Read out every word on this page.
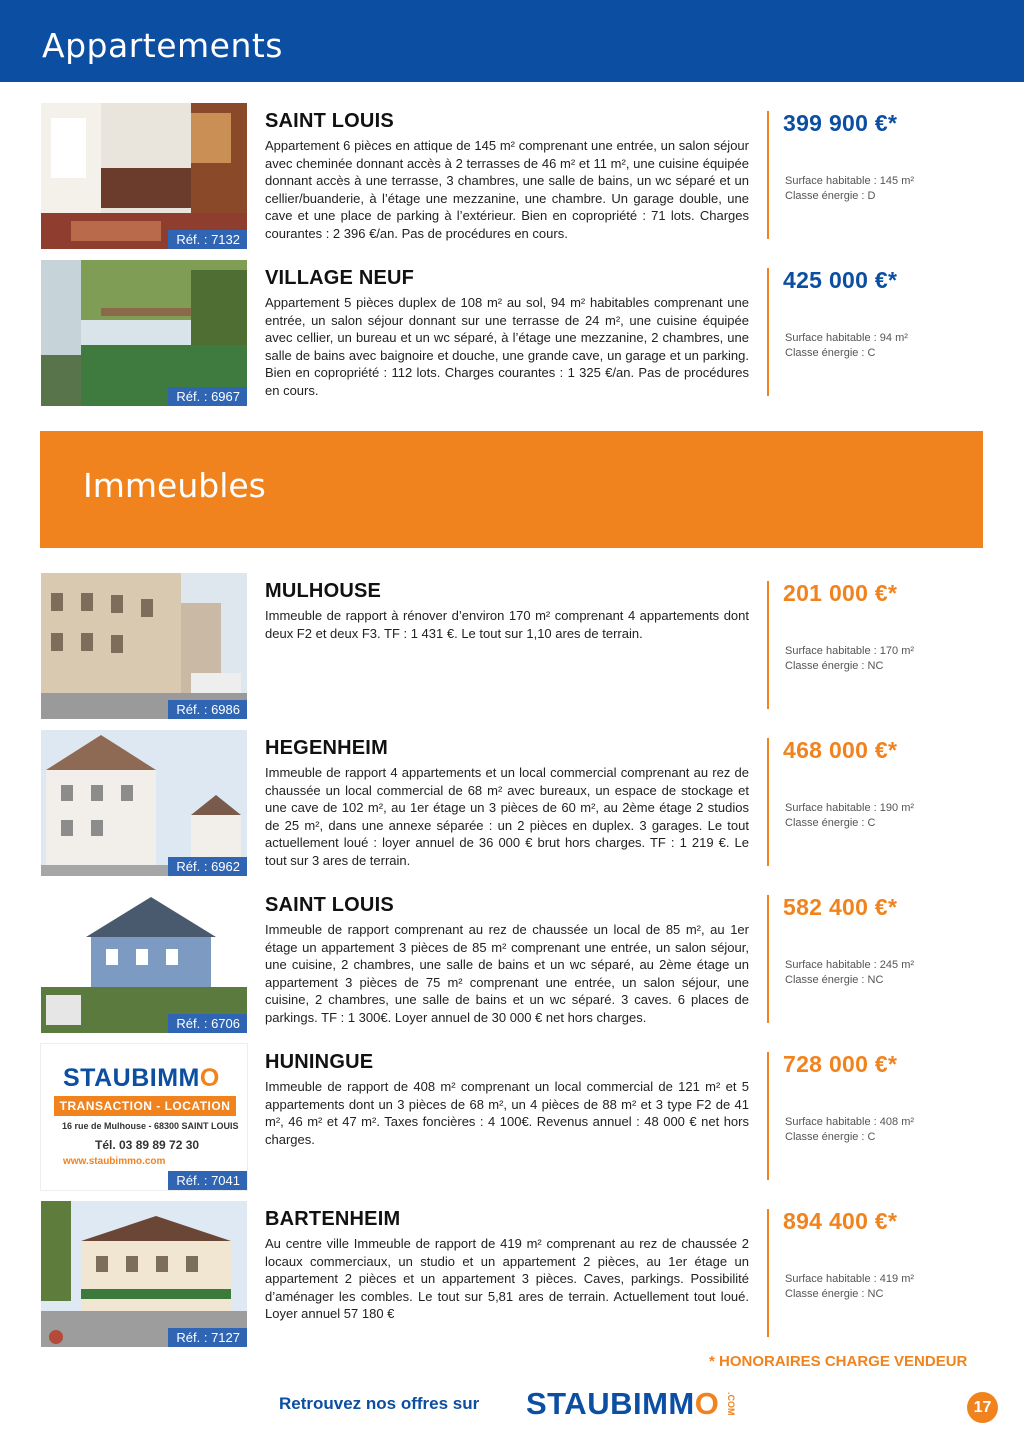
Appartements
Réf. : 7132
SAINT LOUIS

Appartement 6 pièces en attique de 145 m² comprenant une entrée, un salon séjour avec cheminée donnant accès à 2 terrasses de 46 m² et 11 m², une cuisine équipée donnant accès à une terrasse, 3 chambres, une salle de bains, un wc séparé et un cellier/buanderie, à l’étage une mezzanine, une chambre. Un garage double, une cave et une place de parking à l’extérieur. Bien en copropriété : 71 lots. Charges courantes : 2 396 €/an. Pas de procédures en cours.

399 900 €*
Surface habitable : 145 m²
Classe énergie : D
Réf. : 6967
VILLAGE NEUF

Appartement 5 pièces duplex de 108 m² au sol, 94 m² habitables comprenant une entrée, un salon séjour donnant sur une terrasse de 24 m², une cuisine équipée avec cellier, un bureau et un wc séparé, à l’étage une mezzanine, 2 chambres, une salle de bains avec baignoire et douche, une grande cave, un garage et un parking. Bien en copropriété : 112 lots. Charges courantes : 1 325 €/an. Pas de procédures en cours.

425 000 €*
Surface habitable : 94 m²
Classe énergie : C
Immeubles
Réf. : 6986
MULHOUSE

Immeuble de rapport à rénover d’environ 170 m² comprenant 4 appartements dont deux F2 et deux F3. TF : 1 431 €. Le tout sur 1,10 ares de terrain.

201 000 €*
Surface habitable : 170 m²
Classe énergie : NC
Réf. : 6962
HEGENHEIM

Immeuble de rapport 4 appartements et un local commercial comprenant au rez de chaussée un local commercial de 68 m² avec bureaux, un espace de stockage et une cave de 102 m², au 1er étage un 3 pièces de 60 m², au 2ème étage 2 studios de 25 m², dans une annexe séparée : un 2 pièces en duplex. 3 garages. Le tout actuellement loué : loyer annuel de 36 000 € brut hors charges. TF : 1 219 €. Le tout sur 3 ares de terrain.

468 000 €*
Surface habitable : 190 m²
Classe énergie : C
Réf. : 6706
SAINT LOUIS

Immeuble de rapport comprenant au rez de chaussée un local de 85 m², au 1er étage un appartement 3 pièces de 85 m² comprenant une entrée, un salon séjour, une cuisine, 2 chambres, une salle de bains et un wc séparé, au 2ème étage un appartement 3 pièces de 75 m² comprenant une entrée, un salon séjour, une cuisine, 2 chambres, une salle de bains et un wc séparé. 3 caves. 6 places de parkings. TF : 1 300€. Loyer annuel de 30 000 € net hors charges.

582 400 €*
Surface habitable : 245 m²
Classe énergie : NC
STAUBIMMO
TRANSACTION - LOCATION
16 rue de Mulhouse - 68300 SAINT LOUIS
Tél. 03 89 89 72 30
www.staubimmo.com
Réf. : 7041
HUNINGUE

Immeuble de rapport de 408 m² comprenant un local commercial de 121 m² et 5 appartements dont un 3 pièces de 68 m², un 4 pièces de 88 m² et 3 type F2 de 41 m², 46 m² et 47 m². Taxes foncières : 4 100€. Revenus annuel : 48 000 € net hors charges.

728 000 €*
Surface habitable : 408 m²
Classe énergie : C
Réf. : 7127
BARTENHEIM

Au centre ville Immeuble de rapport de 419 m² comprenant au rez de chaussée 2 locaux commerciaux, un studio et un appartement 2 pièces, au 1er étage un appartement 2 pièces et un appartement 3 pièces. Caves, parkings. Possibilité d’aménager les combles. Le tout sur 5,81 ares de terrain. Actuellement tout loué. Loyer annuel 57 180 €

894 400 €*
Surface habitable : 419 m²
Classe énergie : NC
* HONORAIRES CHARGE VENDEUR
Retrouvez nos offres sur STAUBIMMO .COM	17
